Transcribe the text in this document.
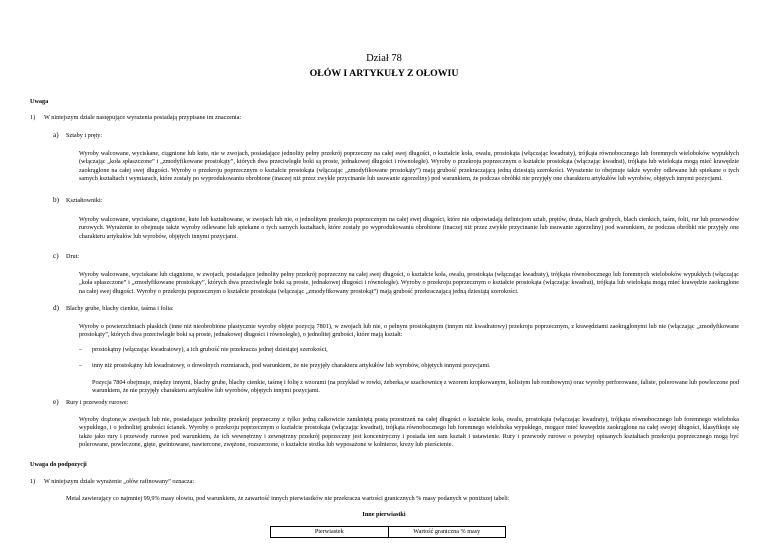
Dział 78
OŁÓW I ARTYKUŁY Z OŁOWIU
Uwaga
1) W niniejszym dziale następujące wyrażenia posiadają przypisane im znaczenia:
a) Sztaby i pręty:
Wyroby walcowane, wyciskane, ciągnione lub kute, nie w zwojach, posiadające jednolity pełny przekrój poprzeczny na całej swej długości, o kształcie koła, owalu, prostokąta (włączając kwadraty), trójkąta równobocznego lub foremnych wieloboków wypukłych (włączając „koła spłaszczone” i „zmodyfikowane prostokąty”, których dwa przeciwległe boki są proste, jednakowej długości i równoległe). Wyroby o przekroju poprzecznym o kształcie prostokąta (włączając kwadrat), trójkąta lub wielokąta mogą mieć krawędzie zaokrąglone na całej swej długości. Wyroby o przekroju poprzecznym o kształcie prostokąta (włączając „zmodyfikowane prostokąty”) mają grubość przekraczającą jedną dziesiątą szerokości. Wyrażenie to obejmuje także wyroby odlewane lub spiekane o tych samych kształtach i wymiarach, które zostały po wyprodukowaniu obrobione (inaczej niż przez zwykłe przycinanie lub usuwanie zgorzeliny) pod warunkiem, że podczas obróbki nie przyjęły one charakteru artykułów lub wyrobów, objętych innymi pozycjami.
b) Kształtowniki:
Wyroby walcowane, wyciskane, ciągnione, kute lub kształtowane, w zwojach lub nie, o jednolitym przekroju poprzecznym na całej swej długości, które nie odpowiadają definicjom sztab, prętów, druta, blach grubych, blach cienkich, taśm, folii, rur lub przewodów rurowych. Wyrażenie to obejmuje także wyroby odlewane lub spiekane o tych samych kształtach, które zostały po wyprodukowaniu obrobione (inaczej niż przez zwykłe przycinanie lub usuwanie zgorzeliny) pod warunkiem, że podczas obróbki nie przyjęły one charakteru artykułów lub wyrobów, objętych innymi pozycjami.
c) Drut:
Wyroby walcowane, wyciskane lub ciągnione, w zwojach, posiadające jednolity pełny przekrój poprzeczny na całej swej długości, o kształcie koła, owalu, prostokąta (włączając kwadraty), trójkąta równobocznego lub foremnych wieloboków wypukłych (włączając „koła spłaszczone” i „zmodyfikowane prostokąty”, których dwa przeciwległe boki są proste, jednakowej długości i równoległe). Wyroby o przekroju poprzecznym o kształcie prostokąta (włączając kwadrat), trójkąta lub wielokąta mogą mieć krawędzie zaokrąglone na całej swej długości. Wyroby o przekroju poprzecznym o kształcie prostokąta (włączając „zmodyfikowany prostokąt”) mają grubość przekraczającą jedną dziesiątą szerokości.
d) Blachy grube, blachy cienkie, taśma i folia:
Wyroby o powierzchniach płaskich (inne niż nieobrobione plastycznie wyroby objęte pozycją 7801), w zwojach lub nie, o pełnym prostokątnym (innym niż kwadratowy) przekroju poprzecznym, z krawędziami zaokrąglonymi lub nie (włączając „zmodyfikowane prostokąty”, których dwa przeciwległe boki są proste, jednakowej długości i równoległe), o jednolitej grubości, które mają kształt:
– prostokątny (włączając kwadratowy), a ich grubość nie przekracza jednej dziesiątej szerokości,
– inny niż prostokątny lub kwadratowy, o dowolnych rozmiarach, pod warunkiem, że nie przyjęły charakteru artykułów lub wyrobów, objętych innymi pozycjami.
Pozycja 7804 obejmuje, między innymi, blachy grube, blachy cienkie, taśmę i folię z wzorami (na przykład w rowki, żeberka,w szachownicę z wzorem kropkowanym, kolistym lub rombowym) oraz wyroby perforowane, faliste, polerowane lub powleczone pod warunkiem, że nie przyjęły charakteru artykułów lub wyrobów, objętych innymi pozycjami.
e) Rury i przewody rurowe:
Wyroby drążone,w zwojach lub nie, posiadające jednolity przekrój poprzeczny z tylko jedną całkowicie zamkniętą pustą przestrzeń na całej długości o kształcie koła, owalu, prostokąta (włączając kwadraty), trójkąta równobocznego lub foremnego wieloboka wypukłego, i o jednolitej grubości ścianek. Wyroby o przekroju poprzecznym o kształcie prostokąta (włączając kwadrat), trójkąta równobocznego lub foremnego wieloboka wypukłego, mogące mieć krawędzie zaokrąglone na całej swojej długości, klasyfikuje się także jako rury i przewody rurowe pod warunkiem, że ich wewnętrzny i zewnętrzny przekrój poprzeczny jest koncentryczny i posiada ten sam kształt i ustawienie. Rury i przewody rurowe o powyżej opisanych kształtach przekroju poprzecznego mogą być polerowane, powleczone, gięte, gwintowane, nawiercone, zwężone, rozszerzone, o kształcie stożka lub wyposażone w kołnierze, krezy lub pierścienie.
Uwaga do podpozycji
1) W niniejszym dziale wyrażenie „ołów rafinowany” oznacza:
Metal zawierający co najmniej 99,9% masy ołowiu, pod warunkiem, że zawartość innych pierwiastków nie przekracza wartości granicznych % masy podanych w poniższej tabeli:
Inne pierwiastki
Pierwiastek	Wartość graniczna % masy
